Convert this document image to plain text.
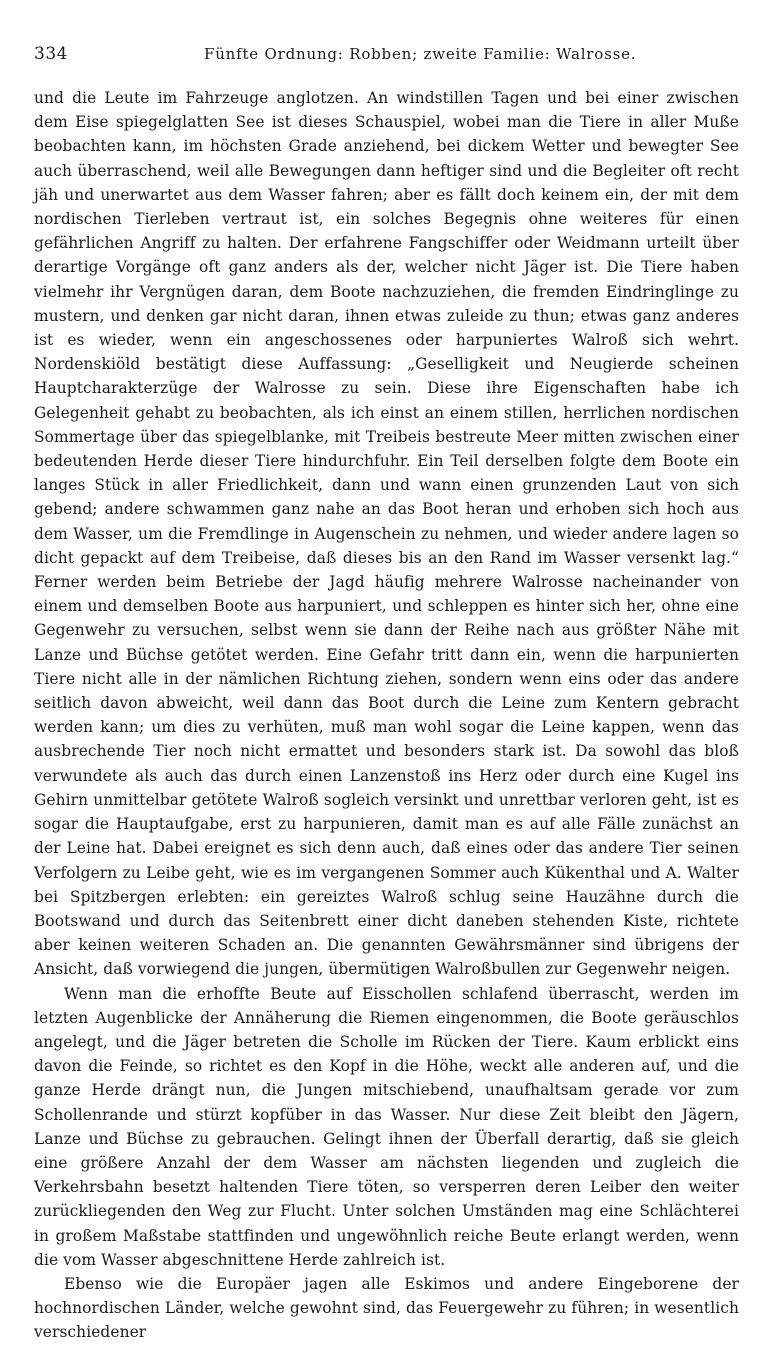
334	Fünfte Ordnung: Robben; zweite Familie: Walrosse.

und die Leute im Fahrzeuge anglotzen. An windstillen Tagen und bei einer zwischen dem Eise spiegelglatten See ist dieses Schauspiel, wobei man die Tiere in aller Muße beobachten kann, im höchsten Grade anziehend, bei dickem Wetter und bewegter See auch überraschend, weil alle Bewegungen dann heftiger sind und die Begleiter oft recht jäh und unerwartet aus dem Wasser fahren; aber es fällt doch keinem ein, der mit dem nordischen Tierleben vertraut ist, ein solches Begegnis ohne weiteres für einen gefährlichen Angriff zu halten. Der erfahrene Fangschiffer oder Weidmann urteilt über derartige Vorgänge oft ganz anders als der, welcher nicht Jäger ist. Die Tiere haben vielmehr ihr Vergnügen daran, dem Boote nachzuziehen, die fremden Eindringlinge zu mustern, und denken gar nicht daran, ihnen etwas zuleide zu thun; etwas ganz anderes ist es wieder, wenn ein angeschossenes oder harpuniertes Walroß sich wehrt. Nordenskiöld bestätigt diese Auffassung: „Geselligkeit und Neugierde scheinen Hauptcharakterzüge der Walrosse zu sein. Diese ihre Eigenschaften habe ich Gelegenheit gehabt zu beobachten, als ich einst an einem stillen, herrlichen nordischen Sommertage über das spiegelblanke, mit Treibeis bestreute Meer mitten zwischen einer bedeutenden Herde dieser Tiere hindurchfuhr. Ein Teil derselben folgte dem Boote ein langes Stück in aller Friedlichkeit, dann und wann einen grunzenden Laut von sich gebend; andere schwammen ganz nahe an das Boot heran und erhoben sich hoch aus dem Wasser, um die Fremdlinge in Augenschein zu nehmen, und wieder andere lagen so dicht gepackt auf dem Treibeise, daß dieses bis an den Rand im Wasser versenkt lag.“ Ferner werden beim Betriebe der Jagd häufig mehrere Walrosse nacheinander von einem und demselben Boote aus harpuniert, und schleppen es hinter sich her, ohne eine Gegenwehr zu versuchen, selbst wenn sie dann der Reihe nach aus größter Nähe mit Lanze und Büchse getötet werden. Eine Gefahr tritt dann ein, wenn die harpunierten Tiere nicht alle in der nämlichen Richtung ziehen, sondern wenn eins oder das andere seitlich davon abweicht, weil dann das Boot durch die Leine zum Kentern gebracht werden kann; um dies zu verhüten, muß man wohl sogar die Leine kappen, wenn das ausbrechende Tier noch nicht ermattet und besonders stark ist. Da sowohl das bloß verwundete als auch das durch einen Lanzenstoß ins Herz oder durch eine Kugel ins Gehirn unmittelbar getötete Walroß sogleich versinkt und unrettbar verloren geht, ist es sogar die Hauptaufgabe, erst zu harpunieren, damit man es auf alle Fälle zunächst an der Leine hat. Dabei ereignet es sich denn auch, daß eines oder das andere Tier seinen Verfolgern zu Leibe geht, wie es im vergangenen Sommer auch Kükenthal und A. Walter bei Spitzbergen erlebten: ein gereiztes Walroß schlug seine Hauzähne durch die Bootswand und durch das Seitenbrett einer dicht daneben stehenden Kiste, richtete aber keinen weiteren Schaden an. Die genannten Gewährsmänner sind übrigens der Ansicht, daß vorwiegend die jungen, übermütigen Walroßbullen zur Gegenwehr neigen.

Wenn man die erhoffte Beute auf Eisschollen schlafend überrascht, werden im letzten Augenblicke der Annäherung die Riemen eingenommen, die Boote geräuschlos angelegt, und die Jäger betreten die Scholle im Rücken der Tiere. Kaum erblickt eins davon die Feinde, so richtet es den Kopf in die Höhe, weckt alle anderen auf, und die ganze Herde drängt nun, die Jungen mitschiebend, unaufhaltsam gerade vor zum Schollenrande und stürzt kopfüber in das Wasser. Nur diese Zeit bleibt den Jägern, Lanze und Büchse zu gebrauchen. Gelingt ihnen der Überfall derartig, daß sie gleich eine größere Anzahl der dem Wasser am nächsten liegenden und zugleich die Verkehrsbahn besetzt haltenden Tiere töten, so versperren deren Leiber den weiter zurückliegenden den Weg zur Flucht. Unter solchen Umständen mag eine Schlächterei in großem Maßstabe stattfinden und ungewöhnlich reiche Beute erlangt werden, wenn die vom Wasser abgeschnittene Herde zahlreich ist.

Ebenso wie die Europäer jagen alle Eskimos und andere Eingeborene der hochnordischen Länder, welche gewohnt sind, das Feuergewehr zu führen; in wesentlich verschiedener
